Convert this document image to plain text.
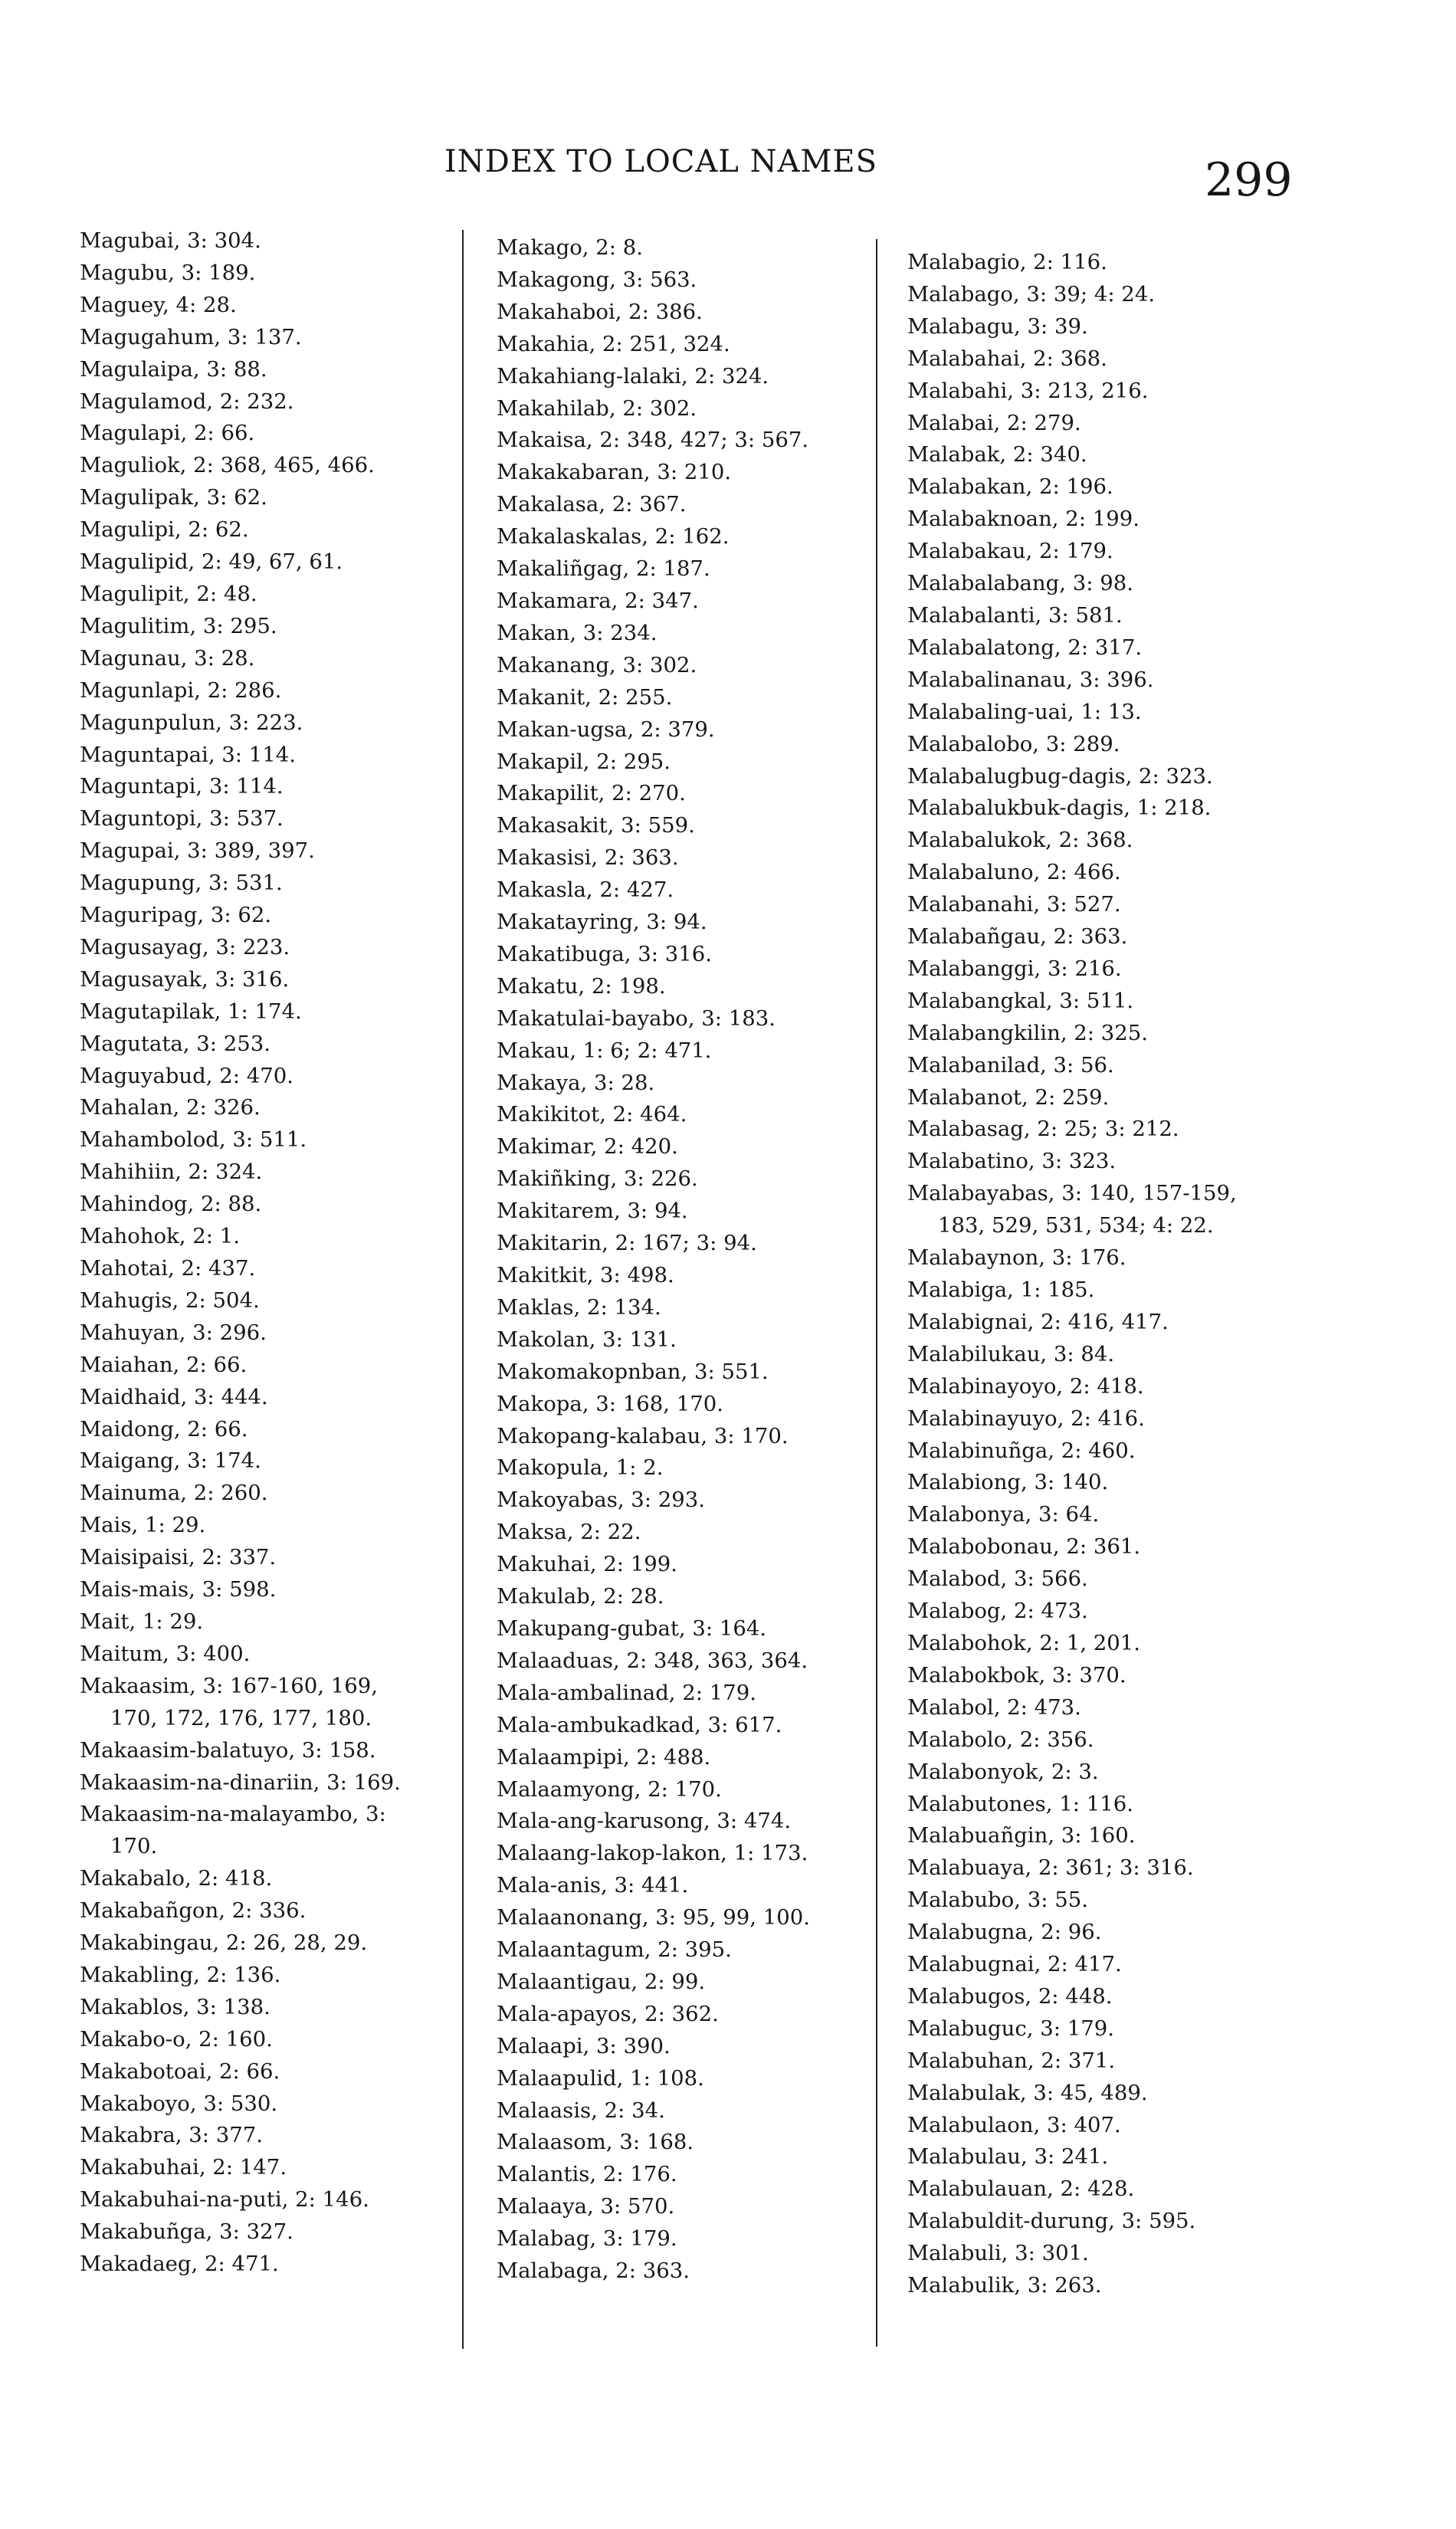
INDEX TO LOCAL NAMES	299
Magubai, 3: 304.
Magubu, 3: 189.
Maguey, 4: 28.
Magugahum, 3: 137.
Magulaipa, 3: 88.
Magulamod, 2: 232.
Magulapi, 2: 66.
Maguliok, 2: 368, 465, 466.
Magulipak, 3: 62.
Magulipi, 2: 62.
Magulipid, 2: 49, 67, 61.
Magulipit, 2: 48.
Magulitim, 3: 295.
Magunau, 3: 28.
Magunlapi, 2: 286.
Magunpulun, 3: 223.
Maguntapai, 3: 114.
Maguntapi, 3: 114.
Maguntopi, 3: 537.
Magupai, 3: 389, 397.
Magupung, 3: 531.
Maguripag, 3: 62.
Magusayag, 3: 223.
Magusayak, 3: 316.
Magutapilak, 1: 174.
Magutata, 3: 253.
Maguyabud, 2: 470.
Mahalan, 2: 326.
Mahambolod, 3: 511.
Mahihiin, 2: 324.
Mahindog, 2: 88.
Mahohok, 2: 1.
Mahotai, 2: 437.
Mahugis, 2: 504.
Mahuyan, 3: 296.
Maiahan, 2: 66.
Maidhaid, 3: 444.
Maidong, 2: 66.
Maigang, 3: 174.
Mainuma, 2: 260.
Mais, 1: 29.
Maisipaisi, 2: 337.
Mais-mais, 3: 598.
Mait, 1: 29.
Maitum, 3: 400.
Makaasim, 3: 167-160, 169,
170, 172, 176, 177, 180.
Makaasim-balatuyo, 3: 158.
Makaasim-na-dinariin, 3: 169.
Makaasim-na-malayambo, 3:
170.
Makabalo, 2: 418.
Makabañgon, 2: 336.
Makabingau, 2: 26, 28, 29.
Makabling, 2: 136.
Makablos, 3: 138.
Makabo-o, 2: 160.
Makabotoai, 2: 66.
Makaboyo, 3: 530.
Makabra, 3: 377.
Makabuhai, 2: 147.
Makabuhai-na-puti, 2: 146.
Makabuñga, 3: 327.
Makadaeg, 2: 471.
Makago, 2: 8.
Makagong, 3: 563.
Makahaboi, 2: 386.
Makahia, 2: 251, 324.
Makahiang-lalaki, 2: 324.
Makahilab, 2: 302.
Makaisa, 2: 348, 427; 3: 567.
Makakabaran, 3: 210.
Makalasa, 2: 367.
Makalaskalas, 2: 162.
Makaliñgag, 2: 187.
Makamara, 2: 347.
Makan, 3: 234.
Makanang, 3: 302.
Makanit, 2: 255.
Makan-ugsa, 2: 379.
Makapil, 2: 295.
Makapilit, 2: 270.
Makasakit, 3: 559.
Makasisi, 2: 363.
Makasla, 2: 427.
Makatayring, 3: 94.
Makatibuga, 3: 316.
Makatu, 2: 198.
Makatulai-bayabo, 3: 183.
Makau, 1: 6; 2: 471.
Makaya, 3: 28.
Makikitot, 2: 464.
Makimar, 2: 420.
Makiñking, 3: 226.
Makitarem, 3: 94.
Makitarin, 2: 167; 3: 94.
Makitkit, 3: 498.
Maklas, 2: 134.
Makolan, 3: 131.
Makomakopnban, 3: 551.
Makopa, 3: 168, 170.
Makopang-kalabau, 3: 170.
Makopula, 1: 2.
Makoyabas, 3: 293.
Maksa, 2: 22.
Makuhai, 2: 199.
Makulab, 2: 28.
Makupang-gubat, 3: 164.
Malaaduas, 2: 348, 363, 364.
Mala-ambalinad, 2: 179.
Mala-ambukadkad, 3: 617.
Malaampipi, 2: 488.
Malaamyong, 2: 170.
Mala-ang-karusong, 3: 474.
Malaang-lakop-lakon, 1: 173.
Mala-anis, 3: 441.
Malaanonang, 3: 95, 99, 100.
Malaantagum, 2: 395.
Malaantigau, 2: 99.
Mala-apayos, 2: 362.
Malaapi, 3: 390.
Malaapulid, 1: 108.
Malaasis, 2: 34.
Malaasom, 3: 168.
Malantis, 2: 176.
Malaaya, 3: 570.
Malabag, 3: 179.
Malabaga, 2: 363.
Malabagio, 2: 116.
Malabago, 3: 39; 4: 24.
Malabagu, 3: 39.
Malabahai, 2: 368.
Malabahi, 3: 213, 216.
Malabai, 2: 279.
Malabak, 2: 340.
Malabakan, 2: 196.
Malabaknoan, 2: 199.
Malabakau, 2: 179.
Malabalabang, 3: 98.
Malabalanti, 3: 581.
Malabalatong, 2: 317.
Malabalinanau, 3: 396.
Malabaling-uai, 1: 13.
Malabalobo, 3: 289.
Malabalugbug-dagis, 2: 323.
Malabalukbuk-dagis, 1: 218.
Malabalukok, 2: 368.
Malabaluno, 2: 466.
Malabanahi, 3: 527.
Malabañgau, 2: 363.
Malabanggi, 3: 216.
Malabangkal, 3: 511.
Malabangkilin, 2: 325.
Malabanilad, 3: 56.
Malabanot, 2: 259.
Malabasag, 2: 25; 3: 212.
Malabatino, 3: 323.
Malabayabas, 3: 140, 157-159,
183, 529, 531, 534; 4: 22.
Malabaynon, 3: 176.
Malabiga, 1: 185.
Malabignai, 2: 416, 417.
Malabilukau, 3: 84.
Malabinayoyo, 2: 418.
Malabinayuyo, 2: 416.
Malabinuñga, 2: 460.
Malabiong, 3: 140.
Malabonya, 3: 64.
Malabobonau, 2: 361.
Malabod, 3: 566.
Malabog, 2: 473.
Malabohok, 2: 1, 201.
Malabokbok, 3: 370.
Malabol, 2: 473.
Malabolo, 2: 356.
Malabonyok, 2: 3.
Malabutones, 1: 116.
Malabuañgin, 3: 160.
Malabuaya, 2: 361; 3: 316.
Malabubo, 3: 55.
Malabugna, 2: 96.
Malabugnai, 2: 417.
Malabugos, 2: 448.
Malabuguc, 3: 179.
Malabuhan, 2: 371.
Malabulak, 3: 45, 489.
Malabulaon, 3: 407.
Malabulau, 3: 241.
Malabulauan, 2: 428.
Malabuldit-durung, 3: 595.
Malabuli, 3: 301.
Malabulik, 3: 263.
